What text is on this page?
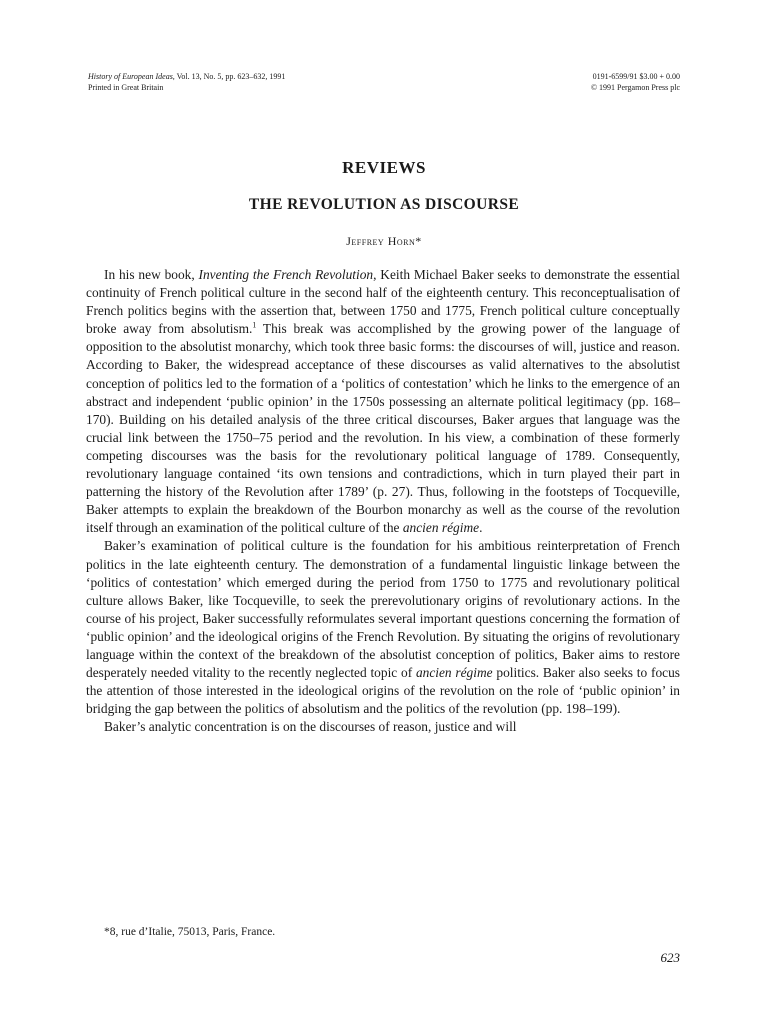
History of European Ideas, Vol. 13, No. 5, pp. 623–632, 1991
Printed in Great Britain
0191-6599/91 $3.00 + 0.00
© 1991 Pergamon Press plc
REVIEWS
THE REVOLUTION AS DISCOURSE
Jeffrey Horn*

In his new book, Inventing the French Revolution, Keith Michael Baker seeks to demonstrate the essential continuity of French political culture in the second half of the eighteenth century. This reconceptualisation of French politics begins with the assertion that, between 1750 and 1775, French political culture conceptually broke away from absolutism.$^1$ This break was accomplished by the growing power of the language of opposition to the absolutist monarchy, which took three basic forms: the discourses of will, justice and reason. According to Baker, the widespread acceptance of these discourses as valid alternatives to the absolutist conception of politics led to the formation of a ‘politics of contestation’ which he links to the emergence of an abstract and independent ‘public opinion’ in the 1750s possessing an alternate political legitimacy (pp. 168–170). Building on his detailed analysis of the three critical discourses, Baker argues that language was the crucial link between the 1750–75 period and the revolution. In his view, a combination of these formerly competing discourses was the basis for the revolutionary political language of 1789. Consequently, revolutionary language contained ‘its own tensions and contradictions, which in turn played their part in patterning the history of the Revolution after 1789’ (p. 27). Thus, following in the footsteps of Tocqueville, Baker attempts to explain the breakdown of the Bourbon monarchy as well as the course of the revolution itself through an examination of the political culture of the ancien régime.

Baker’s examination of political culture is the foundation for his ambitious reinterpretation of French politics in the late eighteenth century. The demonstration of a fundamental linguistic linkage between the ‘politics of contestation’ which emerged during the period from 1750 to 1775 and revolutionary political culture allows Baker, like Tocqueville, to seek the prerevolutionary origins of revolutionary actions. In the course of his project, Baker successfully reformulates several important questions concerning the formation of ‘public opinion’ and the ideological origins of the French Revolution. By situating the origins of revolutionary language within the context of the breakdown of the absolutist conception of politics, Baker aims to restore desperately needed vitality to the recently neglected topic of ancien régime politics. Baker also seeks to focus the attention of those interested in the ideological origins of the revolution on the role of ‘public opinion’ in bridging the gap between the politics of absolutism and the politics of the revolution (pp. 198–199).

Baker’s analytic concentration is on the discourses of reason, justice and will

*8, rue d’Italie, 75013, Paris, France.
623
